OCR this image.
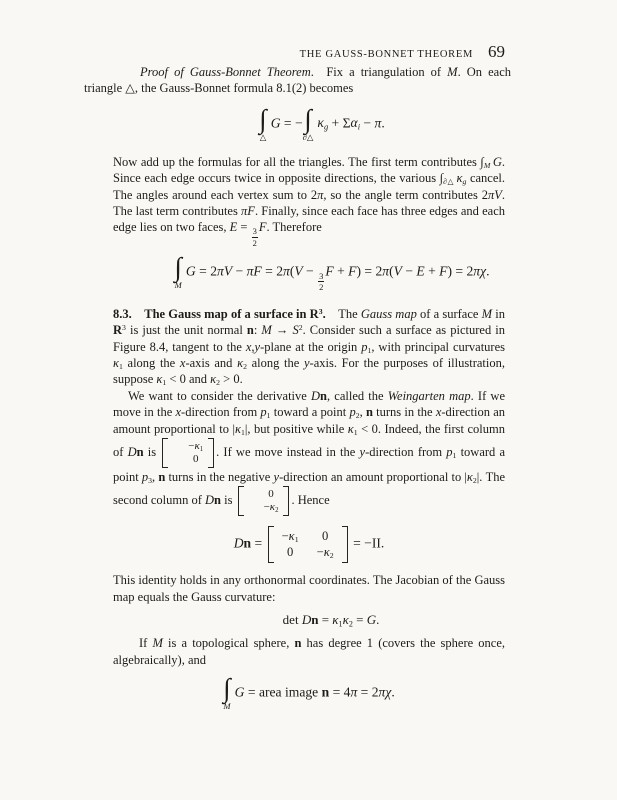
THE GAUSS-BONNET THEOREM 69

Proof of Gauss-Bonnet Theorem. Fix a triangulation of M. On each triangle △, the Gauss-Bonnet formula 8.1(2) becomes

∫
△
G = − ∫
∂△
$\kappa_g + \Sigma\alpha_i - \pi$.

Now add up the formulas for all the triangles. The first term contributes $\int_M$  G. Since each edge occurs twice in opposite directions, the various $\int_{\partial\triangle}$  $\kappa_g$ cancel. The angles around each vertex sum to 2π, so the angle term contributes 2πV. The last term contributes πF. Finally, since each face has three edges and each edge lies on two faces, $E = \frac{3}{2} F$. Therefore

∫
M
G = 2πV − πF = 2π(V −
$\frac{3}{2}$
F + F) = 2π(V − E + F) = 2πχ.

8.3. The Gauss map of a surface in $R^3$. The Gauss map of a surface M in $R^3$ is just the unit normal n: $M \to S^2$. Consider such a surface as pictured in Figure 8.4, tangent to the x,y-plane at the origin $p_1$, with principal curvatures $\kappa_1$ along the x-axis and $\kappa_2$ along the y-axis. For the purposes of illustration, suppose $\kappa_1 < 0$ and $\kappa_2 > 0$.

We want to consider the derivative Dn, called the Weingarten map. If we move in the x-direction from $p_1$ toward a point $p_2$, n turns in the x-direction an amount proportional to $|\kappa_1|$, but positive while $\kappa_1 < 0$. Indeed, the first column of Dn is	$-\kappa_1$
0
. If we move instead in the y-direction from $p_1$ toward a point $p_3$, n turns in the negative y-direction an amount proportional to $|\kappa_2|$. The second column of Dn is	0
$-\kappa_2$
. Hence

$Dn = -\kappa_1$ 0
$0 -\kappa_2$
= −II.

This identity holds in any orthonormal coordinates. The Jacobian of the Gauss map equals the Gauss curvature:

$\det Dn = \kappa_1\kappa_2 = G$.

If M is a topological sphere, n has degree 1 (covers the sphere once, algebraically), and

∫
M
G = area image n = 4π = 2πχ.
